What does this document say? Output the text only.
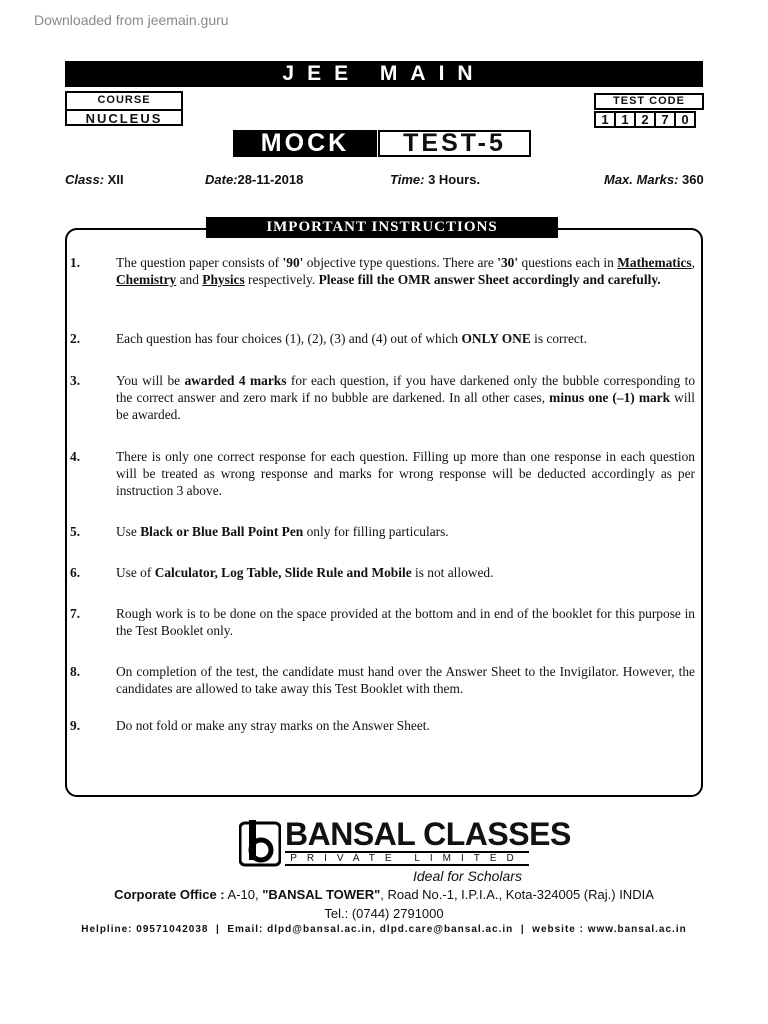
Downloaded from jeemain.guru
JEE MAIN
COURSE
NUCLEUS
TEST CODE
1 1 2 7 0
MOCK	TEST-5
Class: XII	Date:28-11-2018	Time: 3 Hours.	Max. Marks: 360
IMPORTANT INSTRUCTIONS
1.	The question paper consists of '90' objective type questions. There are '30' questions each in Mathematics, Chemistry and Physics respectively. Please fill the OMR answer Sheet accordingly and carefully.
2.	Each question has four choices (1), (2), (3) and (4) out of which ONLY ONE is correct.
3.	You will be awarded 4 marks for each question, if you have darkened only the bubble corresponding to the correct answer and zero mark if no bubble are darkened. In all other cases, minus one (–1) mark will be awarded.
4.	There is only one correct response for each question. Filling up more than one response in each question will be treated as wrong response and marks for wrong response will be deducted accordingly as per instruction 3 above.
5.	Use Black or Blue Ball Point Pen only for filling particulars.
6.	Use of Calculator, Log Table, Slide Rule and Mobile is not allowed.
7.	Rough work is to be done on the space provided at the bottom and in end of the booklet for this purpose in the Test Booklet only.
8.	On completion of the test, the candidate must hand over the Answer Sheet to the Invigilator. However, the candidates are allowed to take away this Test Booklet with them.
9.	Do not fold or make any stray marks on the Answer Sheet.
BANSAL CLASSES
PRIVATE LIMITED
Ideal for Scholars
Corporate Office : A-10, "BANSAL TOWER", Road No.-1, I.P.I.A., Kota-324005 (Raj.) INDIA
Tel.: (0744) 2791000
Helpline: 09571042038  |  Email: dlpd@bansal.ac.in, dlpd.care@bansal.ac.in  |  website : www.bansal.ac.in
